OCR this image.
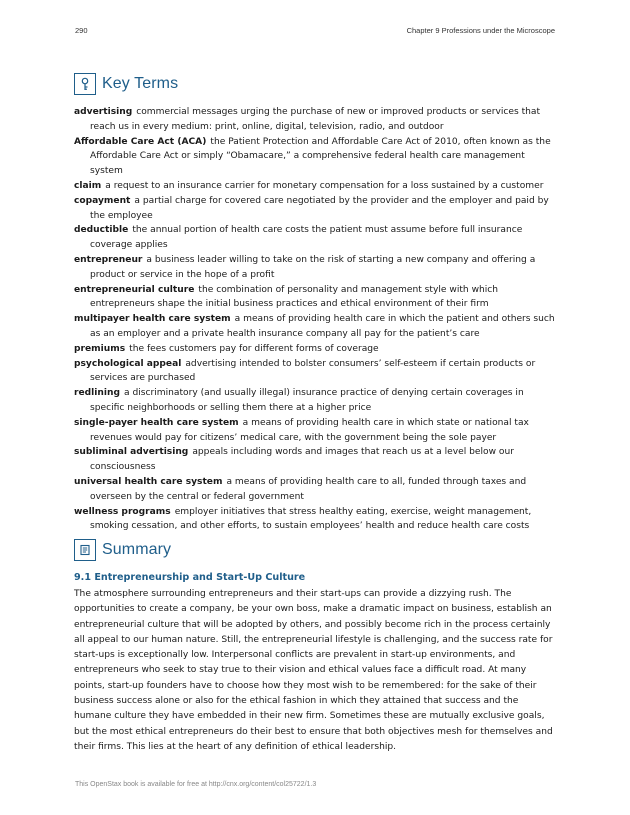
290	Chapter 9 Professions under the Microscope
Key Terms

advertising commercial messages urging the purchase of new or improved products or services that reach us in every medium: print, online, digital, television, radio, and outdoor

Affordable Care Act (ACA) the Patient Protection and Affordable Care Act of 2010, often known as the Affordable Care Act or simply “Obamacare,” a comprehensive federal health care management system

claim a request to an insurance carrier for monetary compensation for a loss sustained by a customer

copayment a partial charge for covered care negotiated by the provider and the employer and paid by the employee

deductible the annual portion of health care costs the patient must assume before full insurance coverage applies

entrepreneur a business leader willing to take on the risk of starting a new company and offering a product or service in the hope of a profit

entrepreneurial culture the combination of personality and management style with which entrepreneurs shape the initial business practices and ethical environment of their firm

multipayer health care system a means of providing health care in which the patient and others such as an employer and a private health insurance company all pay for the patient’s care

premiums the fees customers pay for different forms of coverage

psychological appeal advertising intended to bolster consumers’ self-esteem if certain products or services are purchased

redlining a discriminatory (and usually illegal) insurance practice of denying certain coverages in specific neighborhoods or selling them there at a higher price

single-payer health care system a means of providing health care in which state or national tax revenues would pay for citizens’ medical care, with the government being the sole payer

subliminal advertising appeals including words and images that reach us at a level below our consciousness

universal health care system a means of providing health care to all, funded through taxes and overseen by the central or federal government

wellness programs employer initiatives that stress healthy eating, exercise, weight management, smoking cessation, and other efforts, to sustain employees’ health and reduce health care costs

Summary
9.1 Entrepreneurship and Start-Up Culture

The atmosphere surrounding entrepreneurs and their start-ups can provide a dizzying rush. The opportunities to create a company, be your own boss, make a dramatic impact on business, establish an entrepreneurial culture that will be adopted by others, and possibly become rich in the process certainly all appeal to our human nature. Still, the entrepreneurial lifestyle is challenging, and the success rate for start-ups is exceptionally low. Interpersonal conflicts are prevalent in start-up environments, and entrepreneurs who seek to stay true to their vision and ethical values face a difficult road. At many points, start-up founders have to choose how they most wish to be remembered: for the sake of their business success alone or also for the ethical fashion in which they attained that success and the humane culture they have embedded in their new firm. Sometimes these are mutually exclusive goals, but the most ethical entrepreneurs do their best to ensure that both objectives mesh for themselves and their firms. This lies at the heart of any definition of ethical leadership.

This OpenStax book is available for free at http://cnx.org/content/col25722/1.3
